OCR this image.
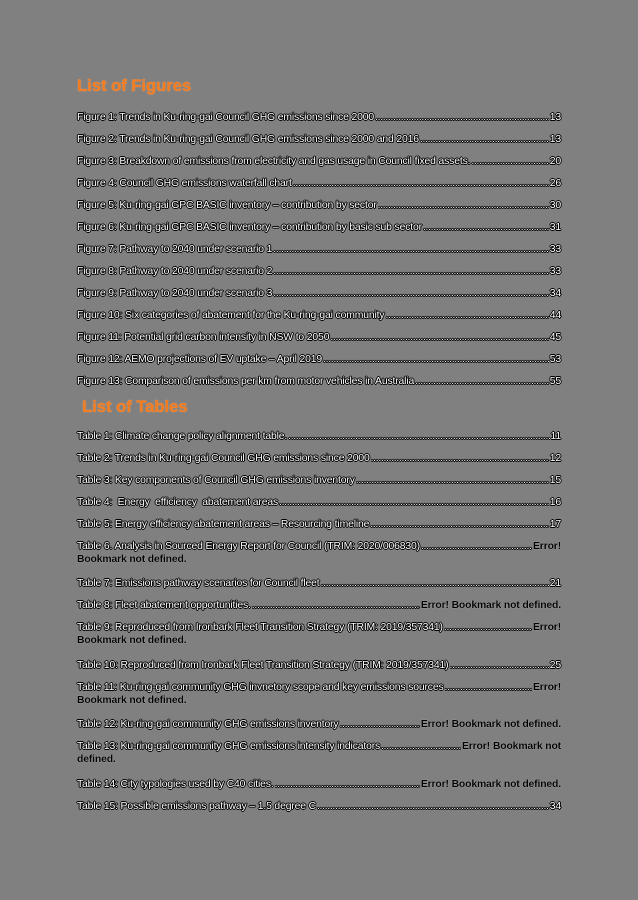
List of Figures
Figure 1: Trends in Ku-ring-gai Council GHG emissions since 2000 . . .	13
Figure 2: Trends in Ku-ring-gai Council GHG emissions since 2000 and 2016 . . .	13
Figure 3: Breakdown of emissions from electricity and gas usage in Council fixed assets. . . .	20
Figure 4: Council GHG emissions waterfall chart . . .	26
Figure 5: Ku-ring-gai GPC BASIC inventory – contribution by sector . . .	30
Figure 6: Ku-ring-gai GPC BASIC inventory – contribution by basic sub sector . . .	31
Figure 7: Pathway to 2040 under scenario 1 . . .	33
Figure 8: Pathway to 2040 under scenario 2 . . .	33
Figure 9: Pathway to 2040 under scenario 3 . . .	34
Figure 10: Six categories of abatement for the Ku-ring-gai community . . .	44
Figure 11: Potential grid carbon intensity in NSW to 2050 . . .	45
Figure 12: AEMO projections of EV uptake – April 2019 . . .	53
Figure 13: Comparison of emissions per km from motor vehicles in Australia . . .	55
List of Tables
Table 1: Climate change policy alignment table. . . .	11
Table 2: Trends in Ku-ring-gai Council GHG emissions since 2000 . . .	12
Table 3: Key components of Council GHG emissions inventory . . .	15
Table 4:  Energy  efficiency  abatement areas . . .	16
Table 5: Energy efficiency abatement areas – Resourcing timeline . . .	17
Table 6. Analysis in Sourced Energy Report for Council (TRIM: 2020/006830) . . .	Error!
Bookmark not defined.
Table 7: Emissions pathway scenarios for Council fleet . . .	21
Table 8: Fleet abatement opportunities. . . .	Error! Bookmark not defined.
Table 9: Reproduced from Ironbark Fleet Transition Strategy (TRIM: 2019/357341) . . .	Error!
Bookmark not defined.
Table 10: Reproduced from Ironbark Fleet Transition Strategy (TRIM: 2019/357341) . . .	25
Table 11: Ku-ring-gai community GHG invnetory scope and key emissions sources . . .	Error!
Bookmark not defined.
Table 12: Ku-ring-gai community GHG emissions inventory . . .	Error! Bookmark not defined.
Table 13: Ku-ring-gai community GHG emissions intensity indicators . . .	Error! Bookmark not
defined.
Table 14: City typologies used by C40 cities. . . .	Error! Bookmark not defined.
Table 15: Possible emissions pathway – 1.5 degree C . . .	34
